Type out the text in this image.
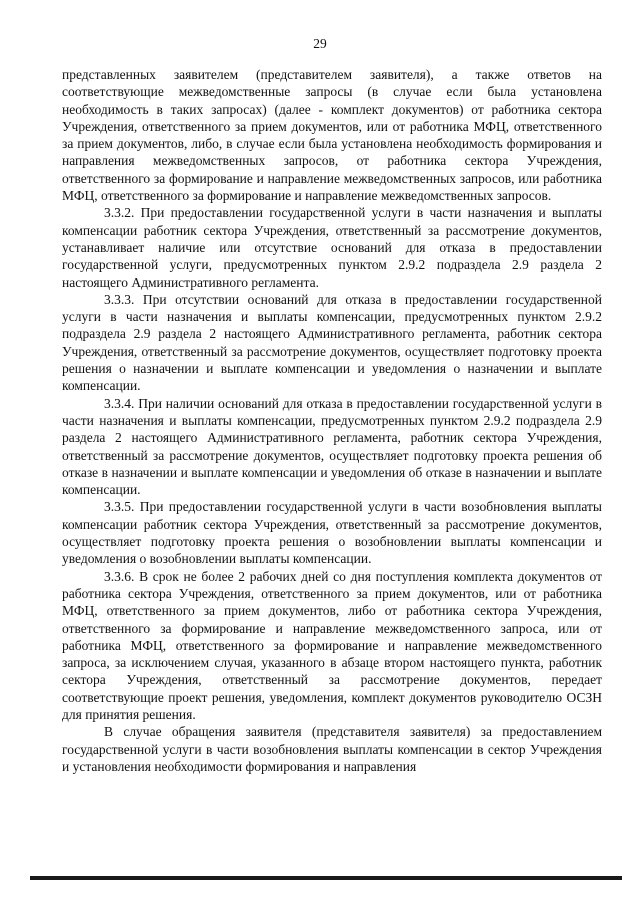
29

представленных заявителем (представителем заявителя), а также ответов на соответствующие межведомственные запросы (в случае если была установлена необходимость в таких запросах) (далее - комплект документов) от работника сектора Учреждения, ответственного за прием документов, или от работника МФЦ, ответственного за прием документов, либо, в случае если была установлена необходимость формирования и направления межведомственных запросов, от работника сектора Учреждения, ответственного за формирование и направление межведомственных запросов, или работника МФЦ, ответственного за формирование и направление межведомственных запросов.

3.3.2. При предоставлении государственной услуги в части назначения и выплаты компенсации работник сектора Учреждения, ответственный за рассмотрение документов, устанавливает наличие или отсутствие оснований для отказа в предоставлении государственной услуги, предусмотренных пунктом 2.9.2 подраздела 2.9 раздела 2 настоящего Административного регламента.

3.3.3. При отсутствии оснований для отказа в предоставлении государственной услуги в части назначения и выплаты компенсации, предусмотренных пунктом 2.9.2 подраздела 2.9 раздела 2 настоящего Административного регламента, работник сектора Учреждения, ответственный за рассмотрение документов, осуществляет подготовку проекта решения о назначении и выплате компенсации и уведомления о назначении и выплате компенсации.

3.3.4. При наличии оснований для отказа в предоставлении государственной услуги в части назначения и выплаты компенсации, предусмотренных пунктом 2.9.2 подраздела 2.9 раздела 2 настоящего Административного регламента, работник сектора Учреждения, ответственный за рассмотрение документов, осуществляет подготовку проекта решения об отказе в назначении и выплате компенсации и уведомления об отказе в назначении и выплате компенсации.

3.3.5. При предоставлении государственной услуги в части возобновления выплаты компенсации работник сектора Учреждения, ответственный за рассмотрение документов, осуществляет подготовку проекта решения о возобновлении выплаты компенсации и уведомления о возобновлении выплаты компенсации.

3.3.6. В срок не более 2 рабочих дней со дня поступления комплекта документов от работника сектора Учреждения, ответственного за прием документов, или от работника МФЦ, ответственного за прием документов, либо от работника сектора Учреждения, ответственного за формирование и направление межведомственного запроса, или от работника МФЦ, ответственного за формирование и направление межведомственного запроса, за исключением случая, указанного в абзаце втором настоящего пункта, работник сектора Учреждения, ответственный за рассмотрение документов, передает соответствующие проект решения, уведомления, комплект документов руководителю ОСЗН для принятия решения.

В случае обращения заявителя (представителя заявителя) за предоставлением государственной услуги в части возобновления выплаты компенсации в сектор Учреждения и установления необходимости формирования и направления
